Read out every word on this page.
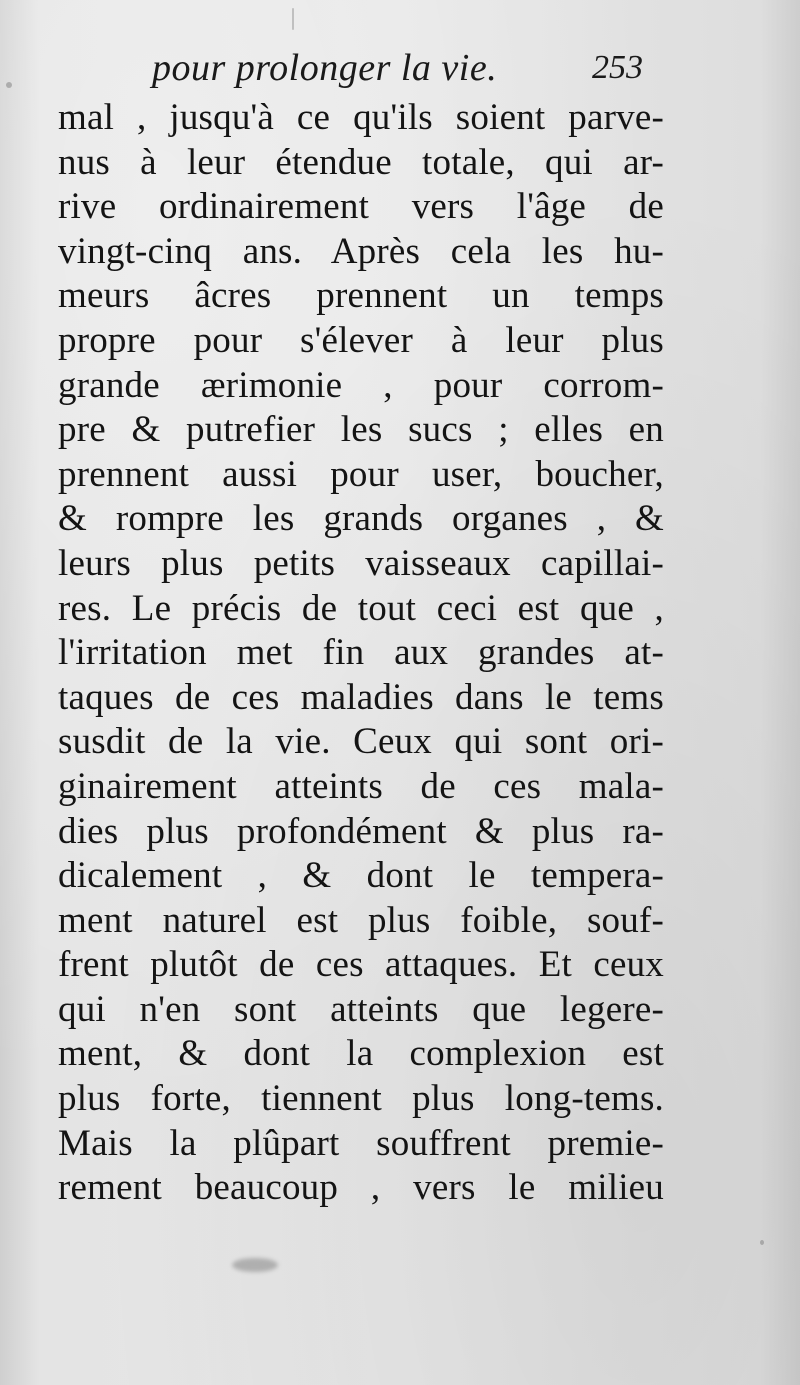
pour prolonger la vie.	253
mal , jusqu'à ce qu'ils soient parve-
nus à leur étendue totale, qui ar-
rive ordinairement vers l'âge de
vingt-cinq ans. Après cela les hu-
meurs âcres prennent un temps
propre pour s'élever à leur plus
grande ærimonie , pour corrom-
pre & putrefier les sucs ; elles en
prennent aussi pour user, boucher,
& rompre les grands organes , &
leurs plus petits vaisseaux capillai-
res. Le précis de tout ceci est que ,
l'irritation met fin aux grandes at-
taques de ces maladies dans le tems
susdit de la vie. Ceux qui sont ori-
ginairement atteints de ces mala-
dies plus profondément & plus ra-
dicalement , & dont le tempera-
ment naturel est plus foible, souf-
frent plutôt de ces attaques. Et ceux
qui n'en sont atteints que legere-
ment, & dont la complexion est
plus forte, tiennent plus long-tems.
Mais la plûpart souffrent premie-
rement beaucoup , vers le milieu
